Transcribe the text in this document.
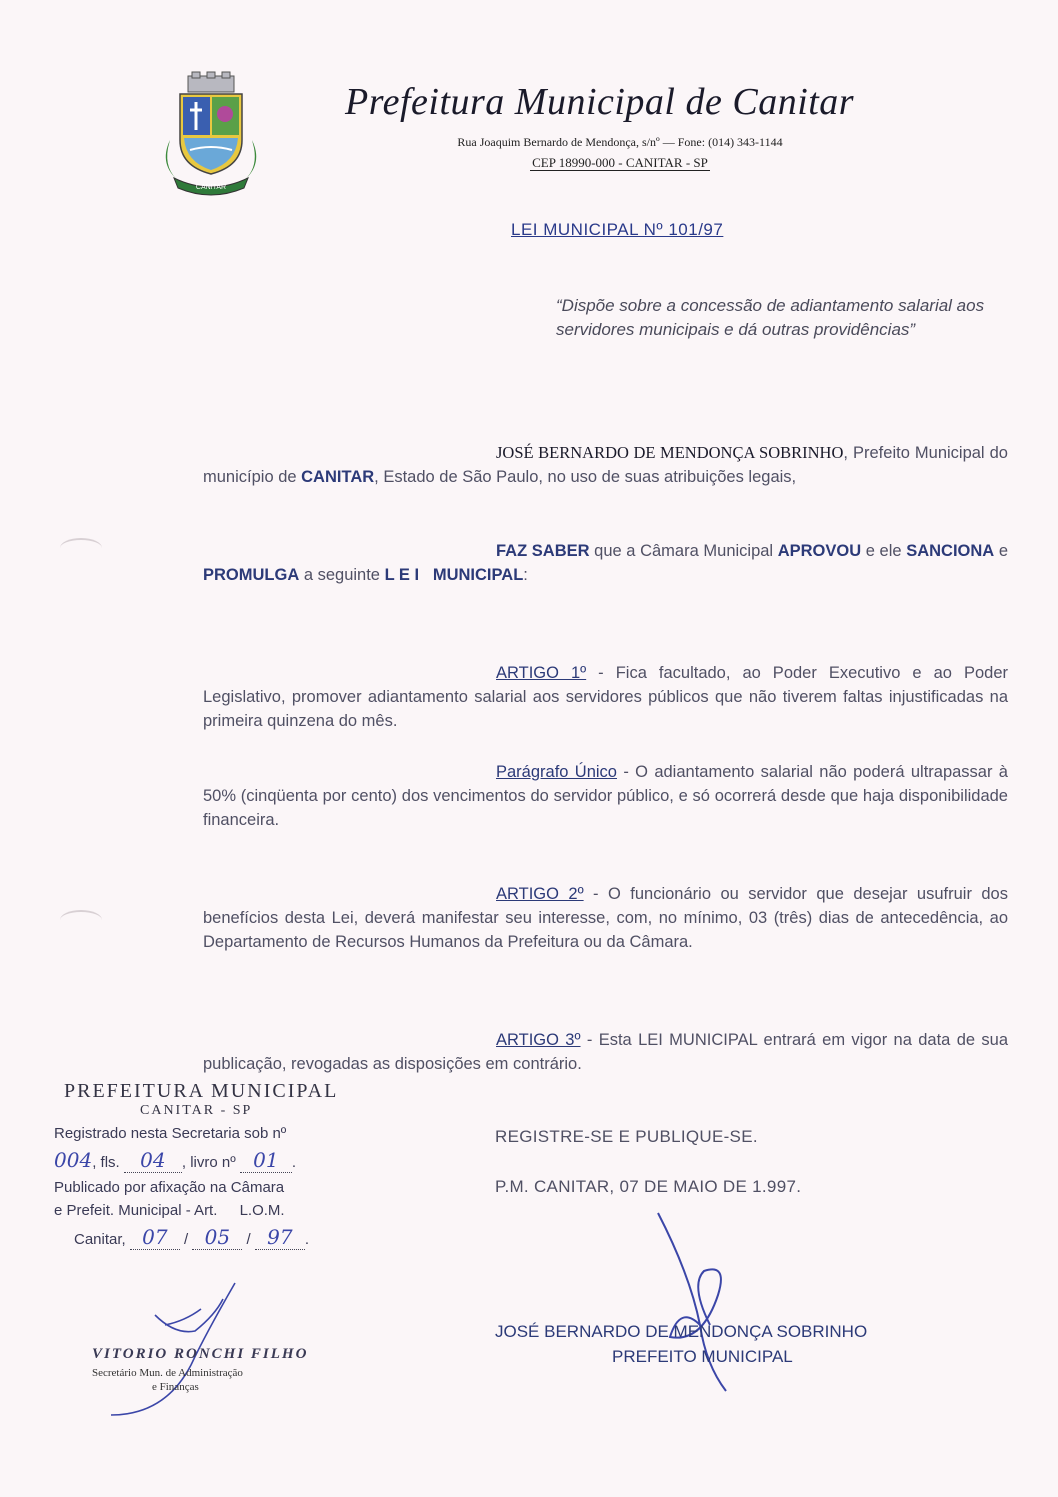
CANITAR
Prefeitura Municipal de Canitar
Rua Joaquim Bernardo de Mendonça, s/nº — Fone: (014) 343-1144
CEP 18990-000 - CANITAR - SP
LEI MUNICIPAL Nº 101/97
“Dispõe sobre a concessão de adiantamento salarial aos servidores municipais e dá outras providências”
JOSÉ BERNARDO DE MENDONÇA SOBRINHO, Prefeito Municipal do município de CANITAR, Estado de São Paulo, no uso de suas atribuições legais,
FAZ SABER que a Câmara Municipal APROVOU e ele SANCIONA e PROMULGA a seguinte L E I   MUNICIPAL:
ARTIGO 1º - Fica facultado, ao Poder Executivo e ao Poder Legislativo, promover adiantamento salarial aos servidores públicos que não tiverem faltas injustificadas na primeira quinzena do mês.
Parágrafo Único - O adiantamento salarial não poderá ultrapassar à 50% (cinqüenta por cento) dos vencimentos do servidor público, e só ocorrerá desde que haja disponibilidade financeira.
ARTIGO 2º - O funcionário ou servidor que desejar usufruir dos benefícios desta Lei, deverá manifestar seu interesse, com, no mínimo, 03 (três) dias de antecedência, ao Departamento de Recursos Humanos da Prefeitura ou da Câmara.
ARTIGO 3º - Esta LEI MUNICIPAL entrará em vigor na data de sua publicação, revogadas as disposições em contrário.
REGISTRE-SE E PUBLIQUE-SE.
P.M. CANITAR, 07 DE MAIO DE 1.997.
JOSÉ BERNARDO DE MENDONÇA SOBRINHO
PREFEITO MUNICIPAL
PREFEITURA MUNICIPAL
CANITAR - SP
Registrado nesta Secretaria sob nº
004, fls. 04 , livro nº 01 .
Publicado por afixação na Câmara
e Prefeit. Municipal - Art. L.O.M.
Canitar, 07 / 05 / 97 .
VITORIO RONCHI FILHO
Secretário Mun. de Administração
e Finanças
